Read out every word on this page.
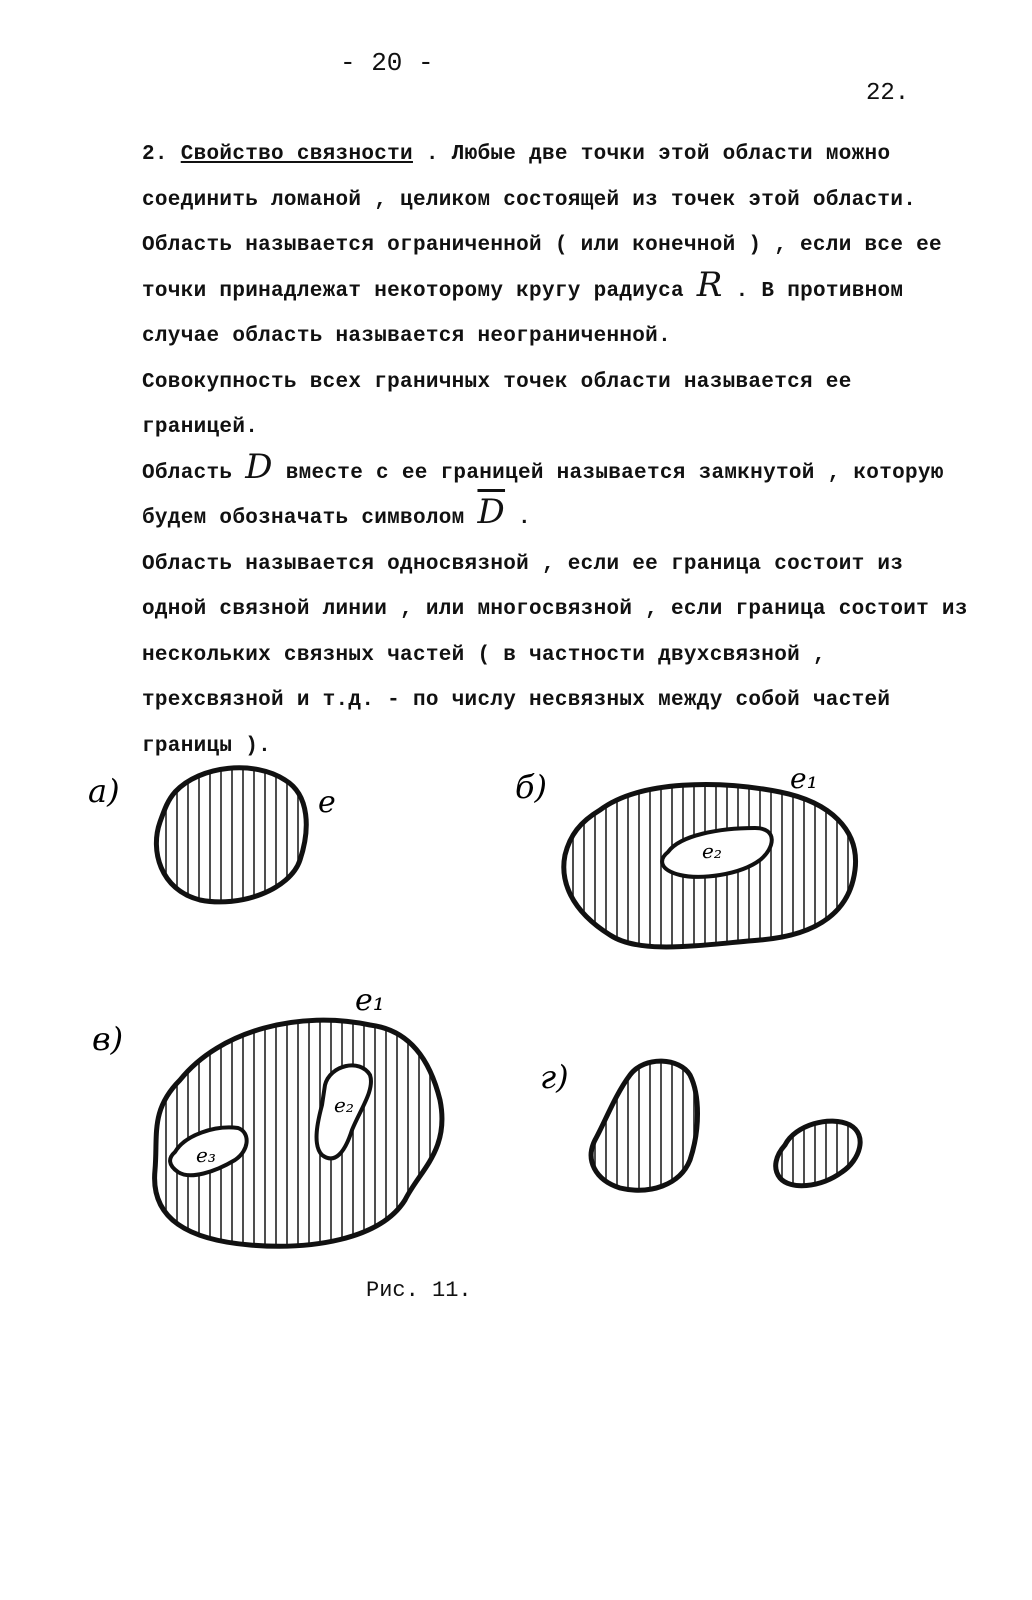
- 20 -
22.

2. Свойство связности . Любые две точки этой области можно соединить ломаной , целиком состоящей из точек этой области.

Область называется ограниченной ( или конечной ) , если все ее точки принадлежат некоторому кругу радиуса R . В противном случае область называется неограниченной.

Совокупность всех граничных точек области называется ее границей.

Область D вместе с ее границей называется замкнутой , которую будем обозначать символом $\overline{D}$ .

Область называется односвязной , если ее граница состоит из одной связной линии , или многосвязной , если граница состоит из нескольких связных частей ( в частности двухсвязной , трехсвязной и т.д. - по числу несвязных между собой частей границы ).

а)	e	б)	e₁
e₂
в)
e₁
e₂
e₃
г)
Рис. 11.
